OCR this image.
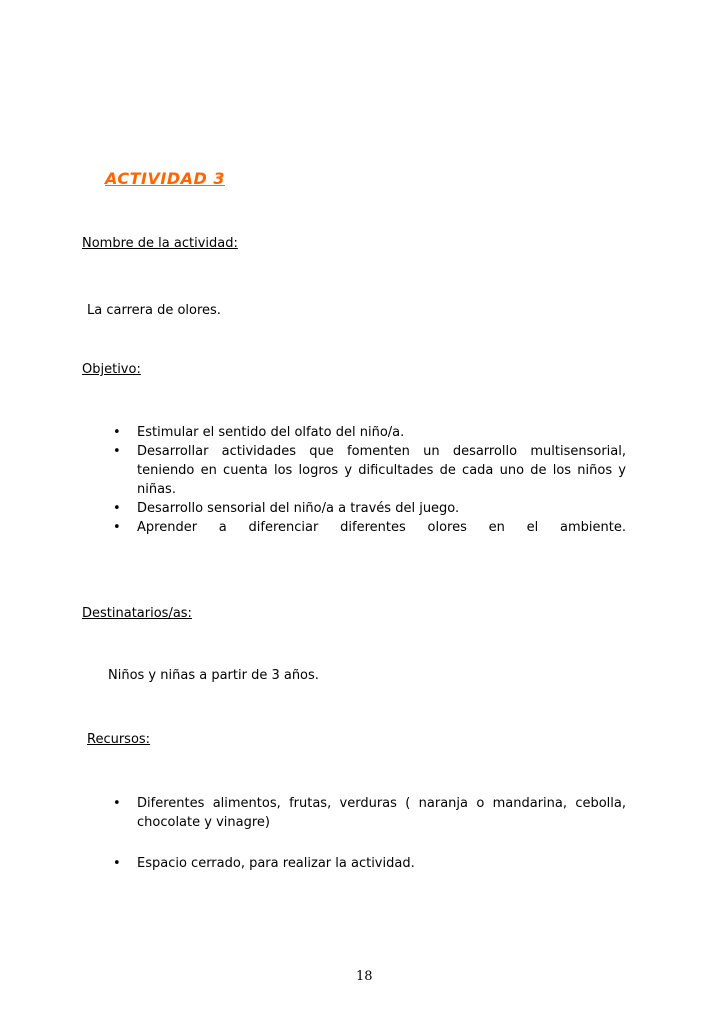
ACTIVIDAD 3
Nombre de la actividad:
La carrera de olores.
Objetivo:
• Estimular el sentido del olfato del niño/a.
• Desarrollar actividades que fomenten un desarrollo multisensorial, teniendo en cuenta los logros y dificultades de cada uno de los niños y niñas.
• Desarrollo sensorial del niño/a a través del juego.
• Aprender a diferenciar diferentes olores en el ambiente.
Destinatarios/as:
Niños y niñas a partir de 3 años.
Recursos:
• Diferentes alimentos, frutas, verduras ( naranja o mandarina, cebolla, chocolate y vinagre)
• Espacio cerrado, para realizar la actividad.
18
